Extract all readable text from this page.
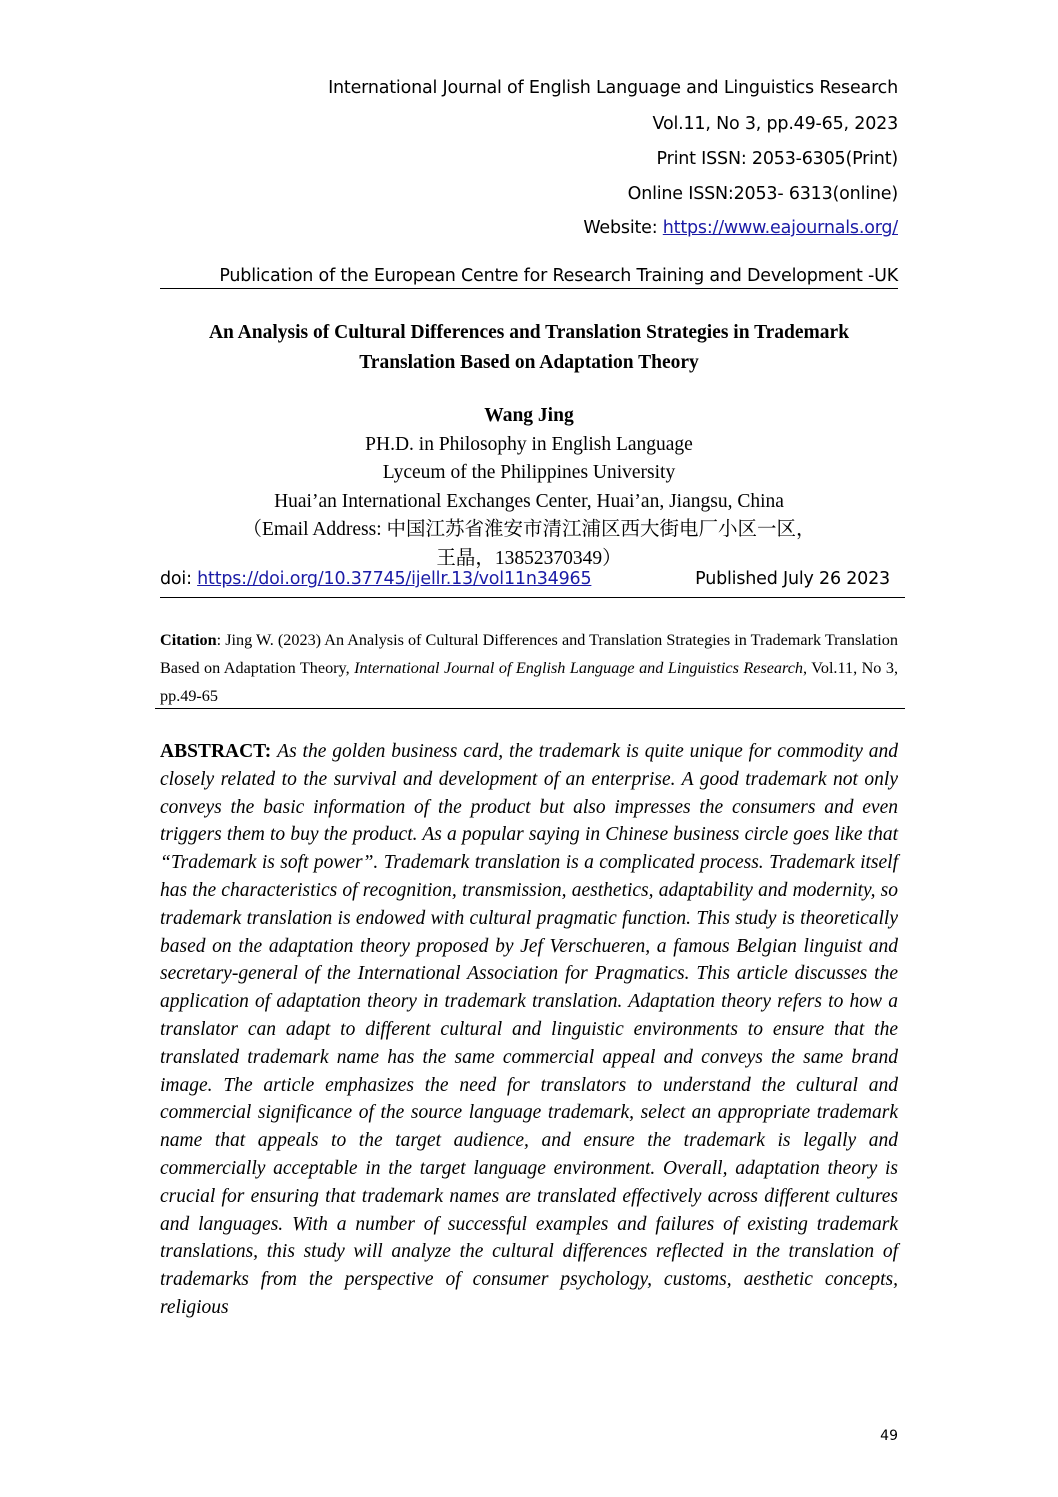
International Journal of English Language and Linguistics Research
Vol.11, No 3, pp.49-65, 2023
Print ISSN: 2053-6305(Print)
Online ISSN:2053- 6313(online)
Website: https://www.eajournals.org/
Publication of the European Centre for Research Training and Development -UK
An Analysis of Cultural Differences and Translation Strategies in Trademark
Translation Based on Adaptation Theory
Wang Jing
PH.D. in Philosophy in English Language
Lyceum of the Philippines University
Huai’an International Exchanges Center, Huai’an, Jiangsu, China
（Email Address: 中国江苏省淮安市清江浦区西大街电厂小区一区，
王晶，13852370349）
doi: https://doi.org/10.37745/ijellr.13/vol11n34965	Published July 26 2023
Citation: Jing W. (2023) An Analysis of Cultural Differences and Translation Strategies in Trademark Translation Based on Adaptation Theory, International Journal of English Language and Linguistics Research, Vol.11, No 3, pp.49-65
ABSTRACT: As the golden business card, the trademark is quite unique for commodity and closely related to the survival and development of an enterprise. A good trademark not only conveys the basic information of the product but also impresses the consumers and even triggers them to buy the product. As a popular saying in Chinese business circle goes like that “Trademark is soft power”. Trademark translation is a complicated process. Trademark itself has the characteristics of recognition, transmission, aesthetics, adaptability and modernity, so trademark translation is endowed with cultural pragmatic function. This study is theoretically based on the adaptation theory proposed by Jef Verschueren, a famous Belgian linguist and secretary-general of the International Association for Pragmatics. This article discusses the application of adaptation theory in trademark translation. Adaptation theory refers to how a translator can adapt to different cultural and linguistic environments to ensure that the translated trademark name has the same commercial appeal and conveys the same brand image. The article emphasizes the need for translators to understand the cultural and commercial significance of the source language trademark, select an appropriate trademark name that appeals to the target audience, and ensure the trademark is legally and commercially acceptable in the target language environment. Overall, adaptation theory is crucial for ensuring that trademark names are translated effectively across different cultures and languages. With a number of successful examples and failures of existing trademark translations, this study will analyze the cultural differences reflected in the translation of trademarks from the perspective of consumer psychology, customs, aesthetic concepts, religious
49
